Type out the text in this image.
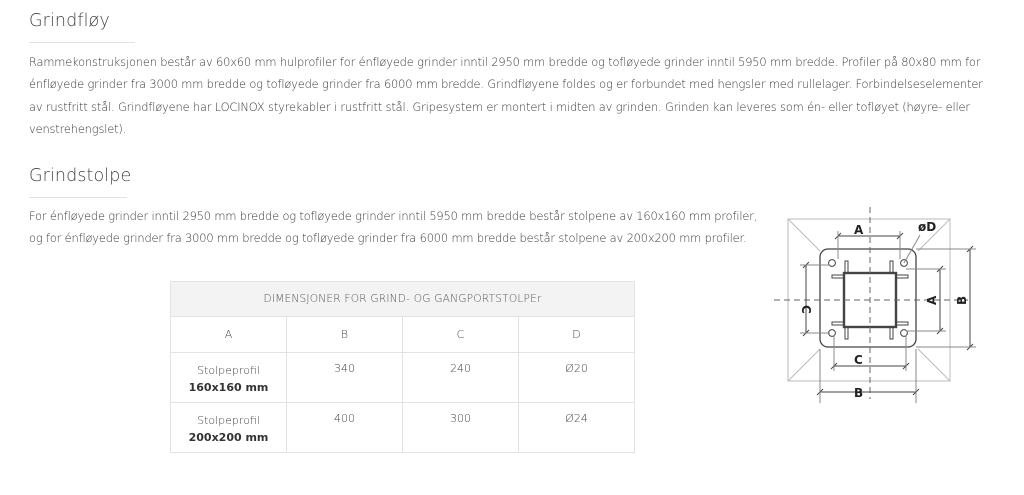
Grindfløy

Rammekonstruksjonen består av 60x60 mm hulprofiler for énfløyede grinder inntil 2950 mm bredde og tofløyede grinder inntil 5950 mm bredde. Profiler på 80x80 mm for énfløyede grinder fra 3000 mm bredde og tofløyede grinder fra 6000 mm bredde. Grindfløyene foldes og er forbundet med hengsler med rullelager. Forbindelseselementer av rustfritt stål. Grindfløyene har LOCINOX styrekabler i rustfritt stål. Gripesystem er montert i midten av grinden. Grinden kan leveres som én- eller tofløyet (høyre- eller venstrehengslet).

Grindstolpe

For énfløyede grinder inntil 2950 mm bredde og tofløyede grinder inntil 5950 mm bredde består stolpene av 160x160 mm profiler, og for énfløyede grinder fra 3000 mm bredde og tofløyede grinder fra 6000 mm bredde består stolpene av 200x200 mm profiler.

DIMENSJONER FOR GRIND- OG GANGPORTSTOLPEr			
A	B	C	D
Stolpeprofil
160x160 mm	340	240	Ø20
Stolpeprofil
200x200 mm	400	300	Ø24
A	øD
C
B
C
A B
